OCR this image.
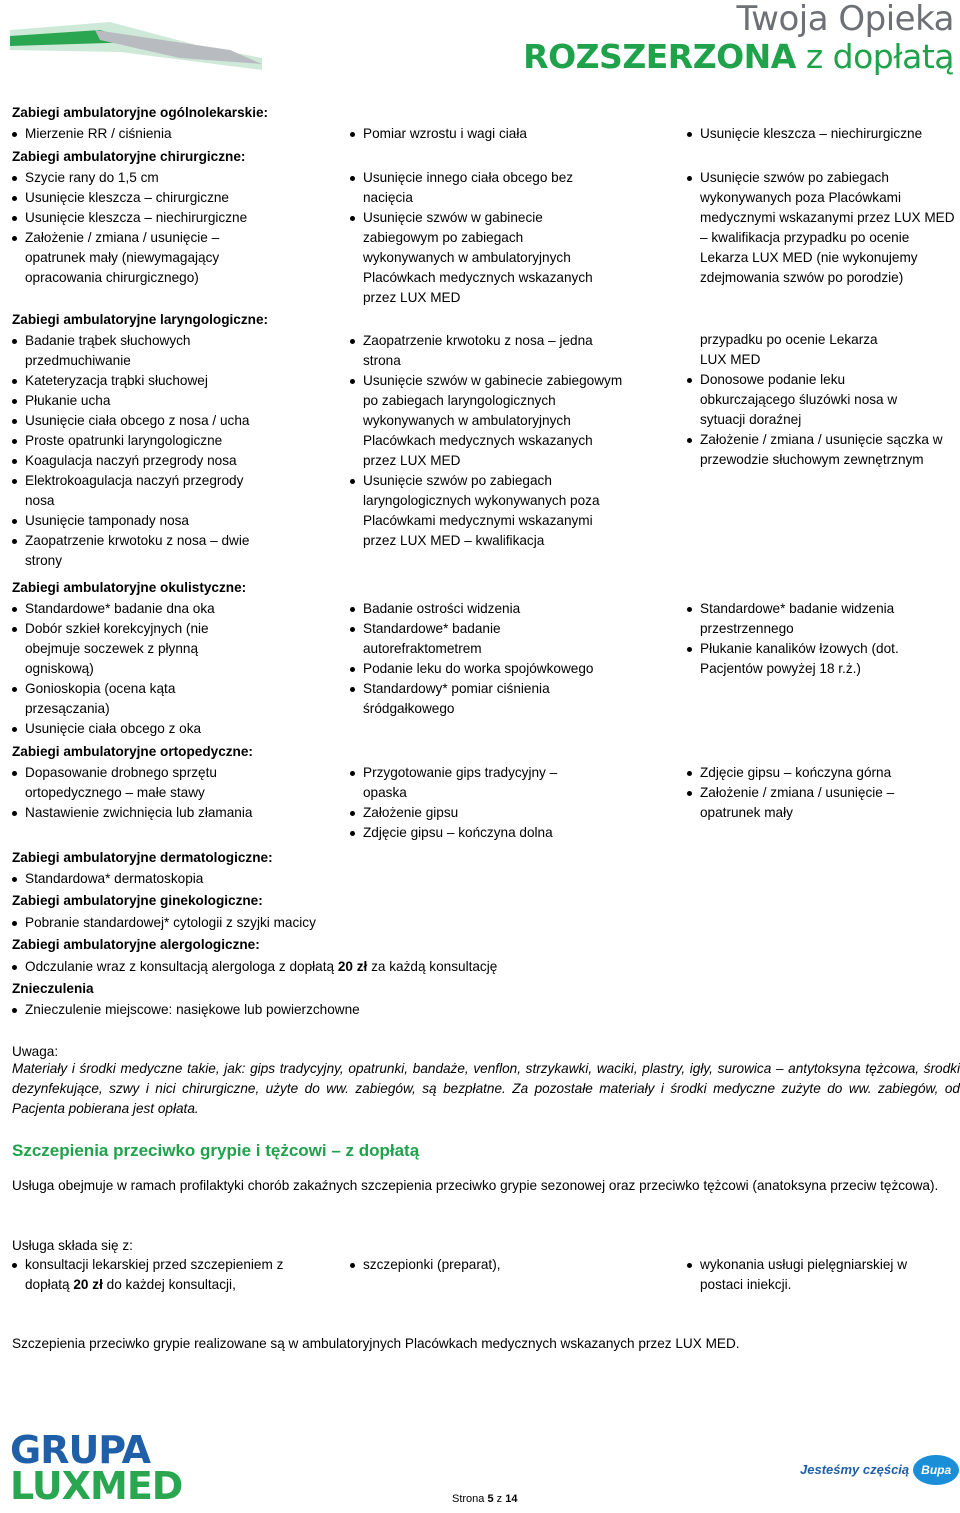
Twoja Opieka
ROZSZERZONA z dopłatą
Zabiegi ambulatoryjne ogólnolekarskie:
Mierzenie RR / ciśnienia	Pomiar wzrostu i wagi ciała	Usunięcie kleszcza – niechirurgiczne
Zabiegi ambulatoryjne chirurgiczne:
Szycie rany do 1,5 cm
Usunięcie kleszcza – chirurgiczne
Usunięcie kleszcza – niechirurgiczne
Założenie / zmiana / usunięcie – opatrunek mały (niewymagający opracowania chirurgicznego)
Usunięcie innego ciała obcego bez nacięcia
Usunięcie szwów w gabinecie zabiegowym po zabiegach wykonywanych w ambulatoryjnych Placówkach medycznych wskazanych przez LUX MED
Usunięcie szwów po zabiegach wykonywanych poza Placówkami medycznymi wskazanymi przez LUX MED – kwalifikacja przypadku po ocenie Lekarza LUX MED (nie wykonujemy zdejmowania szwów po porodzie)
Zabiegi ambulatoryjne laryngologiczne:
Badanie trąbek słuchowych przedmuchiwanie
Kateteryzacja trąbki słuchowej
Płukanie ucha
Usunięcie ciała obcego z nosa / ucha
Proste opatrunki laryngologiczne
Koagulacja naczyń przegrody nosa
Elektrokoagulacja naczyń przegrody nosa
Usunięcie tamponady nosa
Zaopatrzenie krwotoku z nosa – dwie strony
Zaopatrzenie krwotoku z nosa – jedna strona
Usunięcie szwów w gabinecie zabiegowym po zabiegach laryngologicznych wykonywanych w ambulatoryjnych Placówkach medycznych wskazanych przez LUX MED
Usunięcie szwów po zabiegach laryngologicznych wykonywanych poza Placówkami medycznymi wskazanymi przez LUX MED – kwalifikacja
przypadku po ocenie Lekarza LUX MED
Donosowe podanie leku obkurczającego śluzówki nosa w sytuacji doraźnej
Założenie / zmiana / usunięcie sączka w przewodzie słuchowym zewnętrznym
Zabiegi ambulatoryjne okulistyczne:
Standardowe* badanie dna oka
Dobór szkieł korekcyjnych (nie obejmuje soczewek z płynną ogniskową)
Gonioskopia (ocena kąta przesączania)
Usunięcie ciała obcego z oka
Badanie ostrości widzenia
Standardowe* badanie autorefraktometrem
Podanie leku do worka spojówkowego
Standardowy* pomiar ciśnienia śródgałkowego
Standardowe* badanie widzenia przestrzennego
Płukanie kanalików łzowych (dot. Pacjentów powyżej 18 r.ż.)
Zabiegi ambulatoryjne ortopedyczne:
Dopasowanie drobnego sprzętu ortopedycznego – małe stawy
Nastawienie zwichnięcia lub złamania
Przygotowanie gips tradycyjny – opaska
Założenie gipsu
Zdjęcie gipsu – kończyna dolna
Zdjęcie gipsu – kończyna górna
Założenie / zmiana / usunięcie – opatrunek mały
Zabiegi ambulatoryjne dermatologiczne:
Standardowa* dermatoskopia
Zabiegi ambulatoryjne ginekologiczne:
Pobranie standardowej* cytologii z szyjki macicy
Zabiegi ambulatoryjne alergologiczne:
Odczulanie wraz z konsultacją alergologa z dopłatą 20 zł za każdą konsultację
Znieczulenia
Znieczulenie miejscowe: nasiękowe lub powierzchowne
Uwaga:
Materiały i środki medyczne takie, jak: gips tradycyjny, opatrunki, bandaże, venflon, strzykawki, waciki, plastry, igły, surowica – antytoksyna tężcowa, środki dezynfekujące, szwy i nici chirurgiczne, użyte do ww. zabiegów, są bezpłatne. Za pozostałe materiały i środki medyczne zużyte do ww. zabiegów, od Pacjenta pobierana jest opłata.
Szczepienia przeciwko grypie i tężcowi – z dopłatą
Usługa obejmuje w ramach profilaktyki chorób zakaźnych szczepienia przeciwko grypie sezonowej oraz przeciwko tężcowi (anatoksyna przeciw tężcowa).
Usługa składa się z:
konsultacji lekarskiej przed szczepieniem z dopłatą 20 zł do każdej konsultacji,
szczepionki (preparat),	wykonania usługi pielęgniarskiej w postaci iniekcji.
Szczepienia przeciwko grypie realizowane są w ambulatoryjnych Placówkach medycznych wskazanych przez LUX MED.
GRUPA
LUXMED	Strona 5 z 14
Jesteśmy częścią	Bupa
